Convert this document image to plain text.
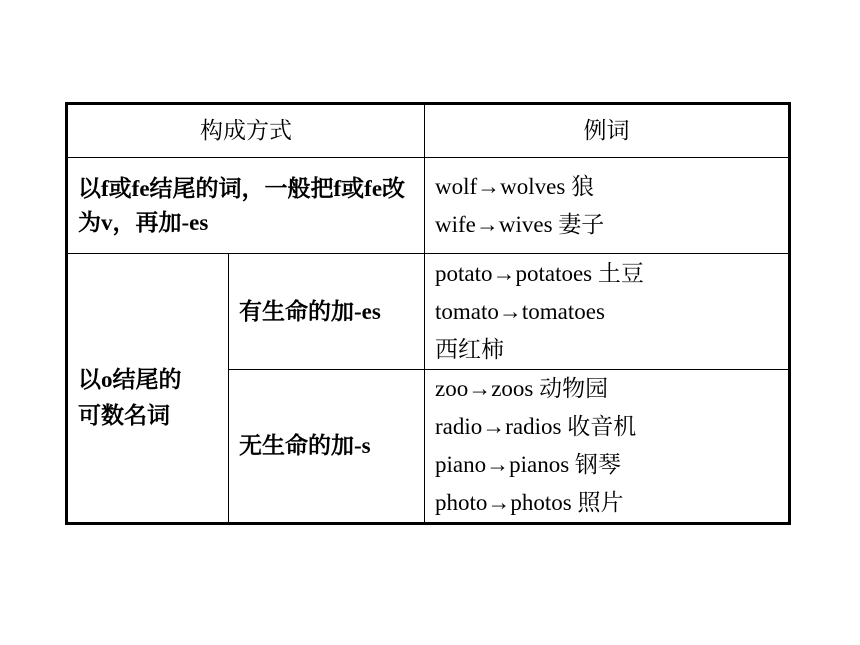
构成方式		例词
以f或fe结尾的词，一般把f或fe改为v，再加-es		wolf→wolves 狼
wife→wives 妻子

以o结尾的可数名词	有生命的加-es	potato→potatoes 土豆
tomato→tomatoes
西红柿

	无生命的加-s	zoo→zoos 动物园
radio→radios 收音机
piano→pianos 钢琴
photo→photos 照片
